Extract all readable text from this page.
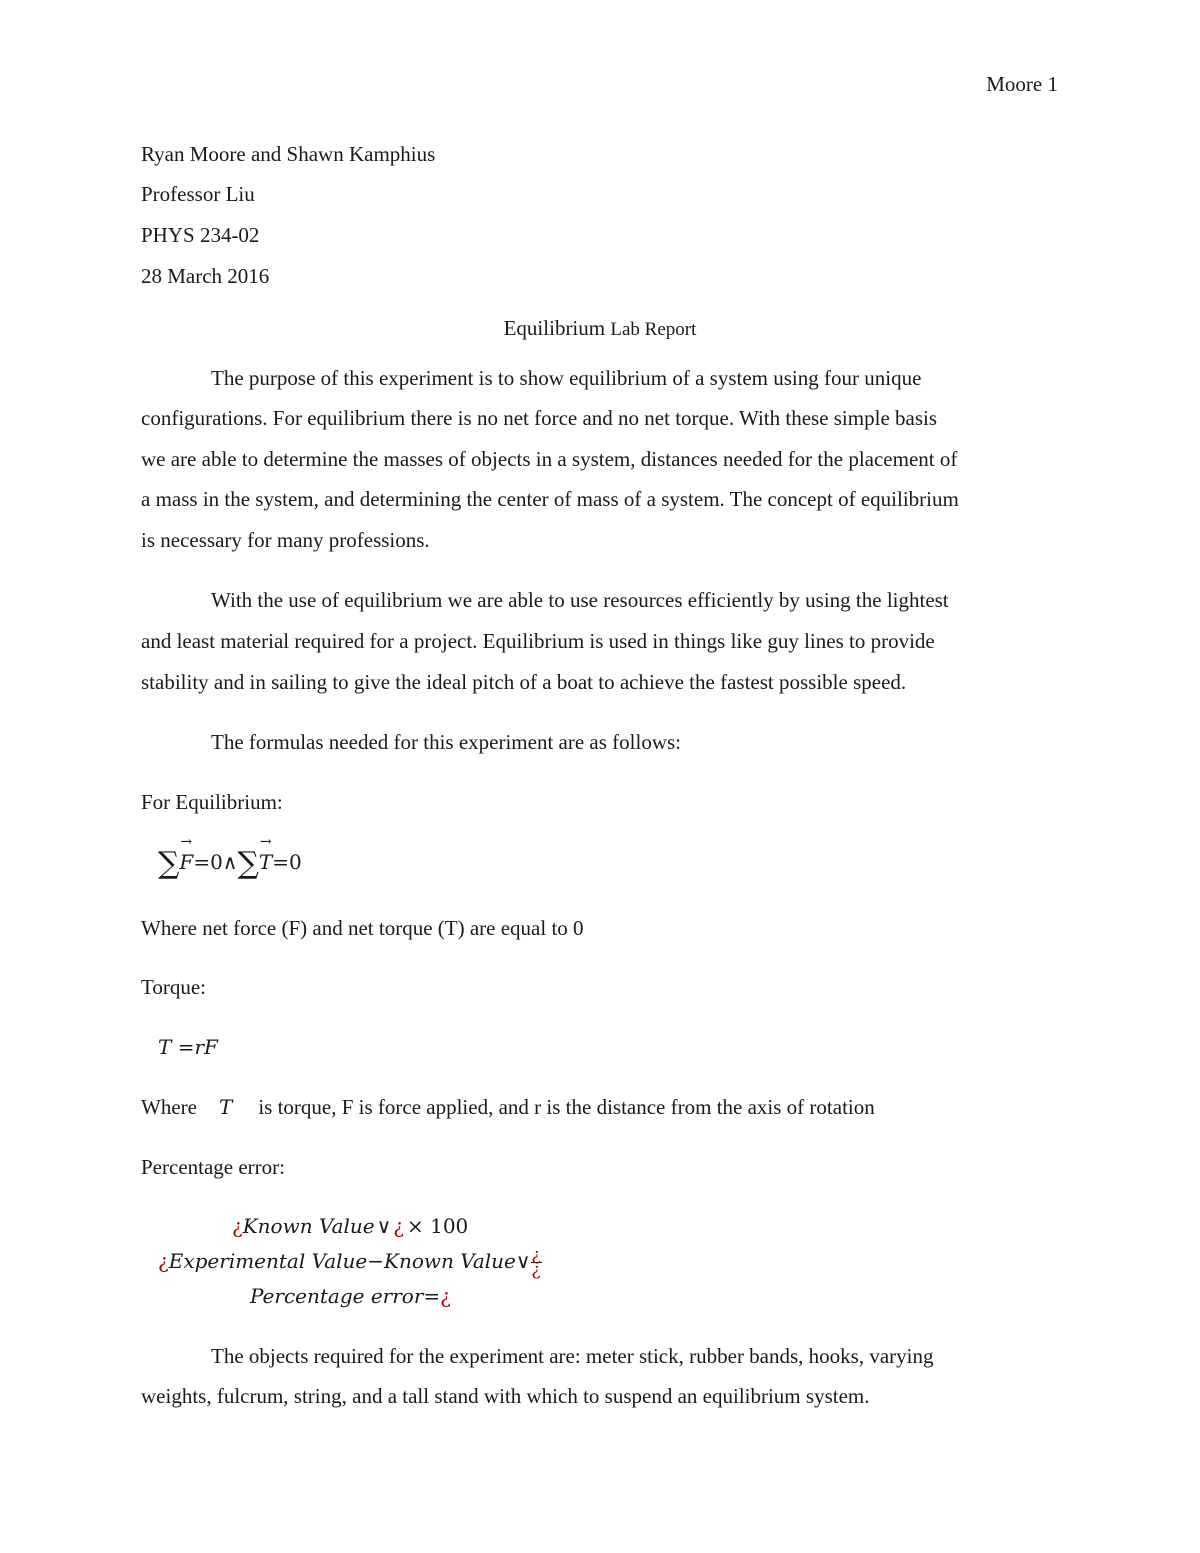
Moore 1
Ryan Moore and Shawn Kamphius
Professor Liu
PHYS 234-02
28 March 2016
Equilibrium Lab Report
The purpose of this experiment is to show equilibrium of a system using four unique
configurations. For equilibrium there is no net force and no net torque. With these simple basis
we are able to determine the masses of objects in a system, distances needed for the placement of
a mass in the system, and determining the center of mass of a system. The concept of equilibrium
is necessary for many professions.
With the use of equilibrium we are able to use resources efficiently by using the lightest
and least material required for a project. Equilibrium is used in things like guy lines to provide
stability and in sailing to give the ideal pitch of a boat to achieve the fastest possible speed.
The formulas needed for this experiment are as follows:
For Equilibrium:
∑→ F=0∧∑→ T=0
Where net force (F) and net torque (T) are equal to 0
Torque:
T =rF
Where T is torque, F is force applied, and r is the distance from the axis of rotation
Percentage error:
¿Known Value ∨ ¿ × 100
¿Experimental Value−Known Value∨ $\frac{¿}{¿}$
Percentage error=¿
The objects required for the experiment are: meter stick, rubber bands, hooks, varying
weights, fulcrum, string, and a tall stand with which to suspend an equilibrium system.
